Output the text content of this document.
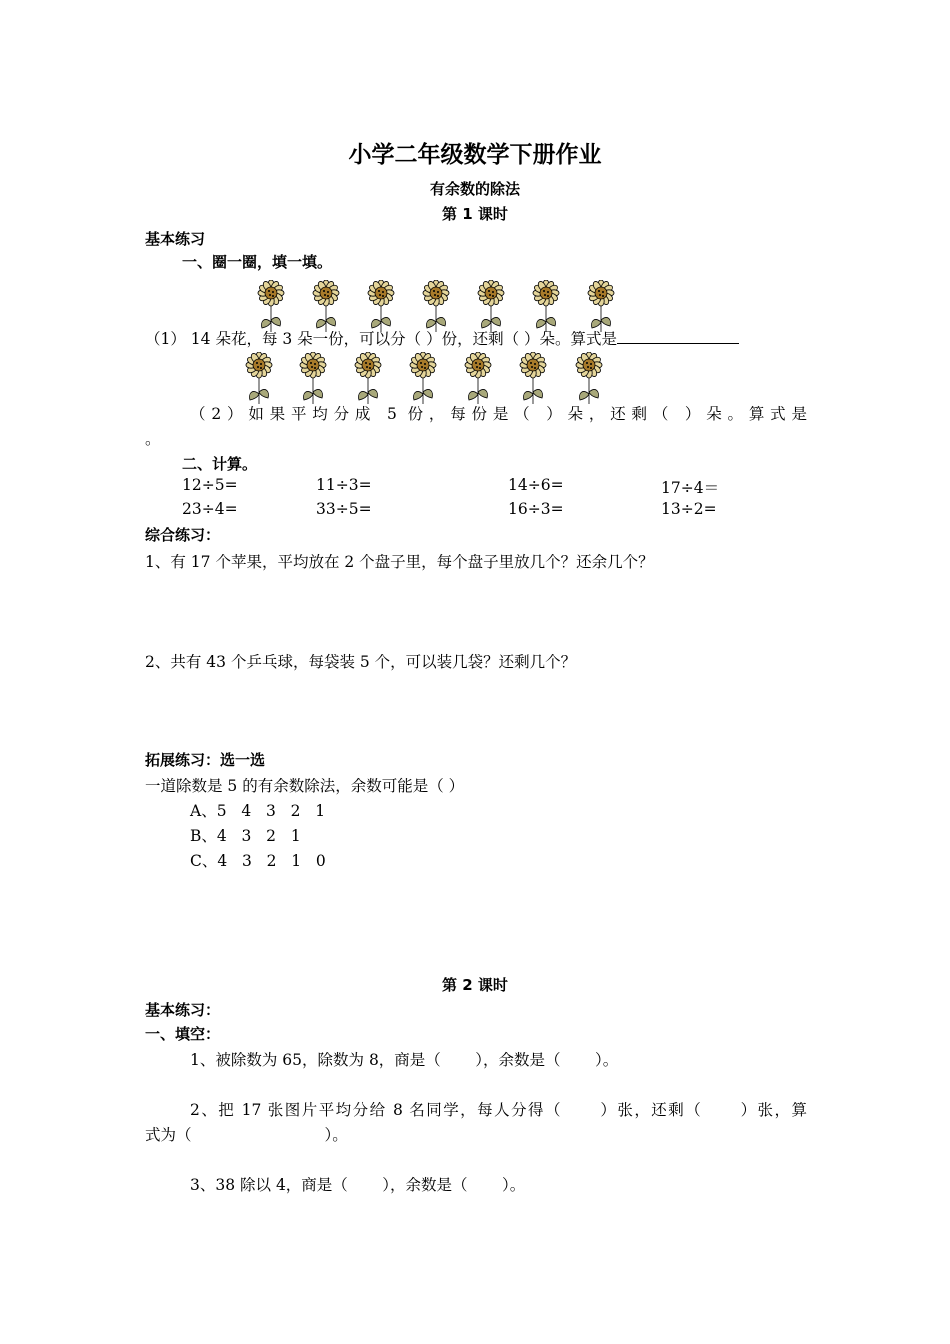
小学二年级数学下册作业
有余数的除法
第 1 课时
基本练习
一、圈一圈，填一填。
（1） 14 朵花，每 3 朵一份，可以分（ ）份，还剩（ ）朵。算式是
（2）如果平均分成 5 份，每份是（ ）朵，还剩（ ）朵。算式是
。
二、计算。
12÷5=	11÷3=	14÷6=	17÷4＝
23÷4=	33÷5=	16÷3=	13÷2=
综合练习：
1、有 17 个苹果，平均放在 2 个盘子里，每个盘子里放几个？还余几个？
2、共有 43 个乒乓球，每袋装 5 个，可以装几袋？还剩几个？
拓展练习：选一选
一道除数是 5 的有余数除法，余数可能是（ ）
A、5   4   3   2   1
B、4   3   2   1
C、4   3   2   1   0
第 2 课时
基本练习：
一、填空：
1、被除数为 65，除数为 8，商是（       ），余数是（       ）。
2、把 17 张图片平均分给 8 名同学，每人分得（      ）张，还剩（      ）张，算
式为（                           ）。
3、38 除以 4，商是（       ），余数是（       ）。
